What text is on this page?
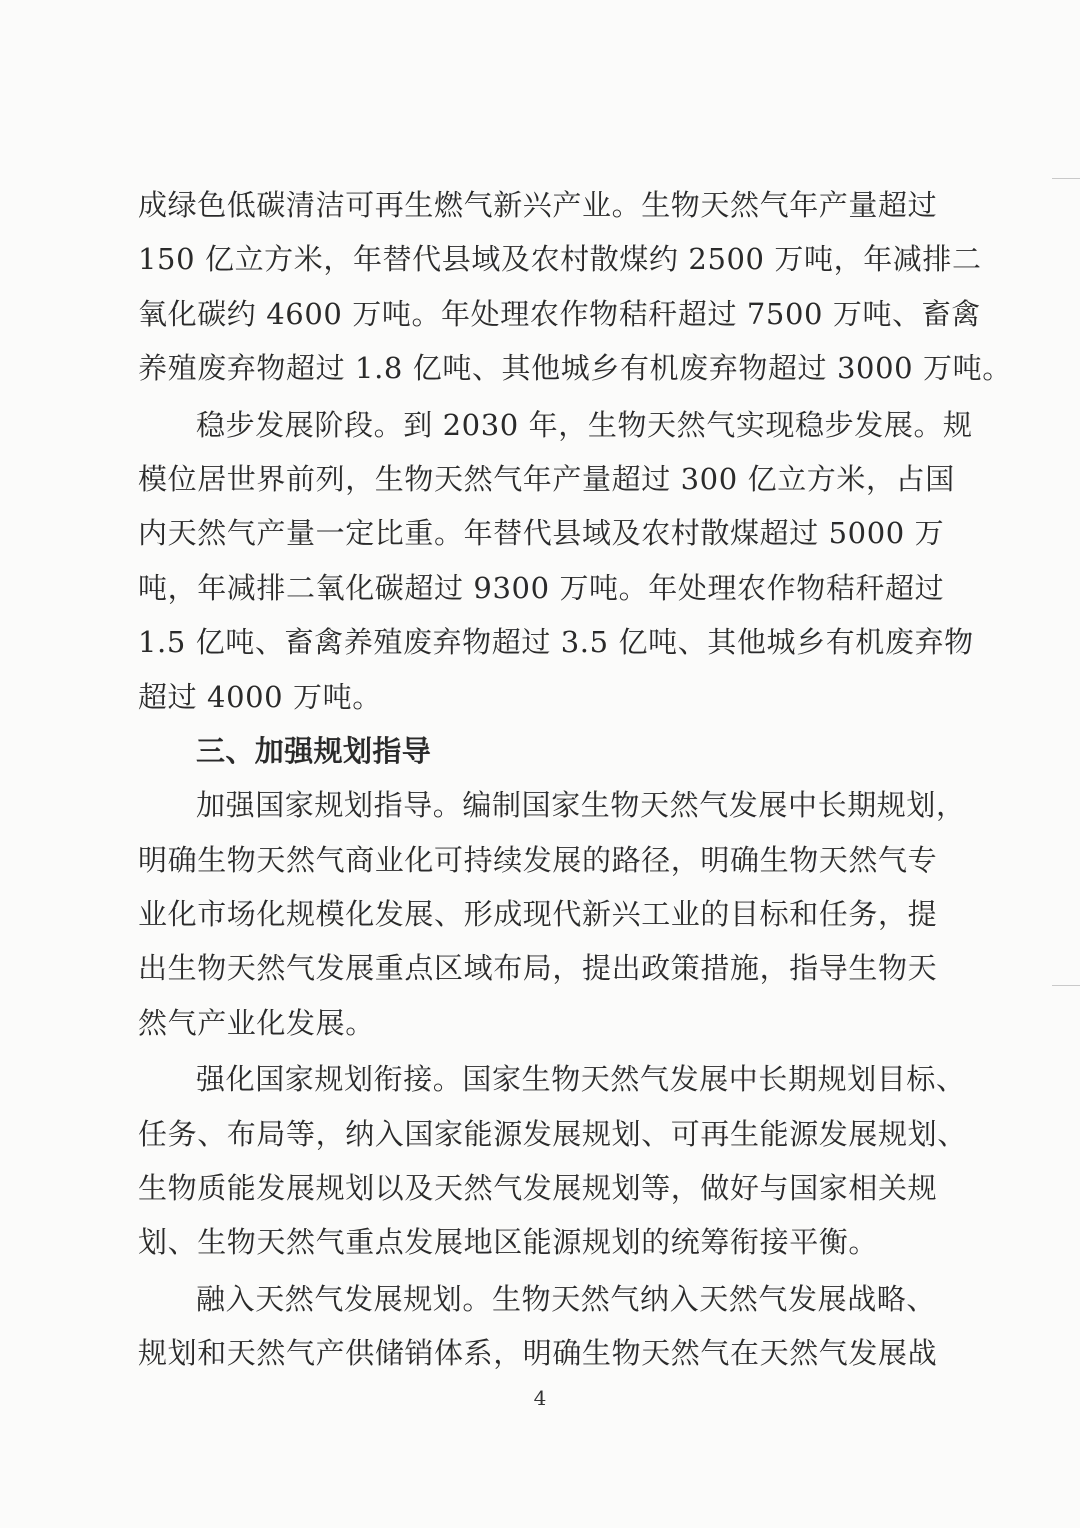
成绿色低碳清洁可再生燃气新兴产业。生物天然气年产量超过
150 亿立方米，年替代县域及农村散煤约 2500 万吨，年减排二
氧化碳约 4600 万吨。年处理农作物秸秆超过 7500 万吨、畜禽
养殖废弃物超过 1.8 亿吨、其他城乡有机废弃物超过 3000 万吨。
稳步发展阶段。到 2030 年，生物天然气实现稳步发展。规
模位居世界前列，生物天然气年产量超过 300 亿立方米，占国
内天然气产量一定比重。年替代县域及农村散煤超过 5000 万
吨，年减排二氧化碳超过 9300 万吨。年处理农作物秸秆超过
1.5 亿吨、畜禽养殖废弃物超过 3.5 亿吨、其他城乡有机废弃物
超过 4000 万吨。
三、加强规划指导
加强国家规划指导。编制国家生物天然气发展中长期规划，
明确生物天然气商业化可持续发展的路径，明确生物天然气专
业化市场化规模化发展、形成现代新兴工业的目标和任务，提
出生物天然气发展重点区域布局，提出政策措施，指导生物天
然气产业化发展。
强化国家规划衔接。国家生物天然气发展中长期规划目标、
任务、布局等，纳入国家能源发展规划、可再生能源发展规划、
生物质能发展规划以及天然气发展规划等，做好与国家相关规
划、生物天然气重点发展地区能源规划的统筹衔接平衡。
融入天然气发展规划。生物天然气纳入天然气发展战略、
规划和天然气产供储销体系，明确生物天然气在天然气发展战
4
